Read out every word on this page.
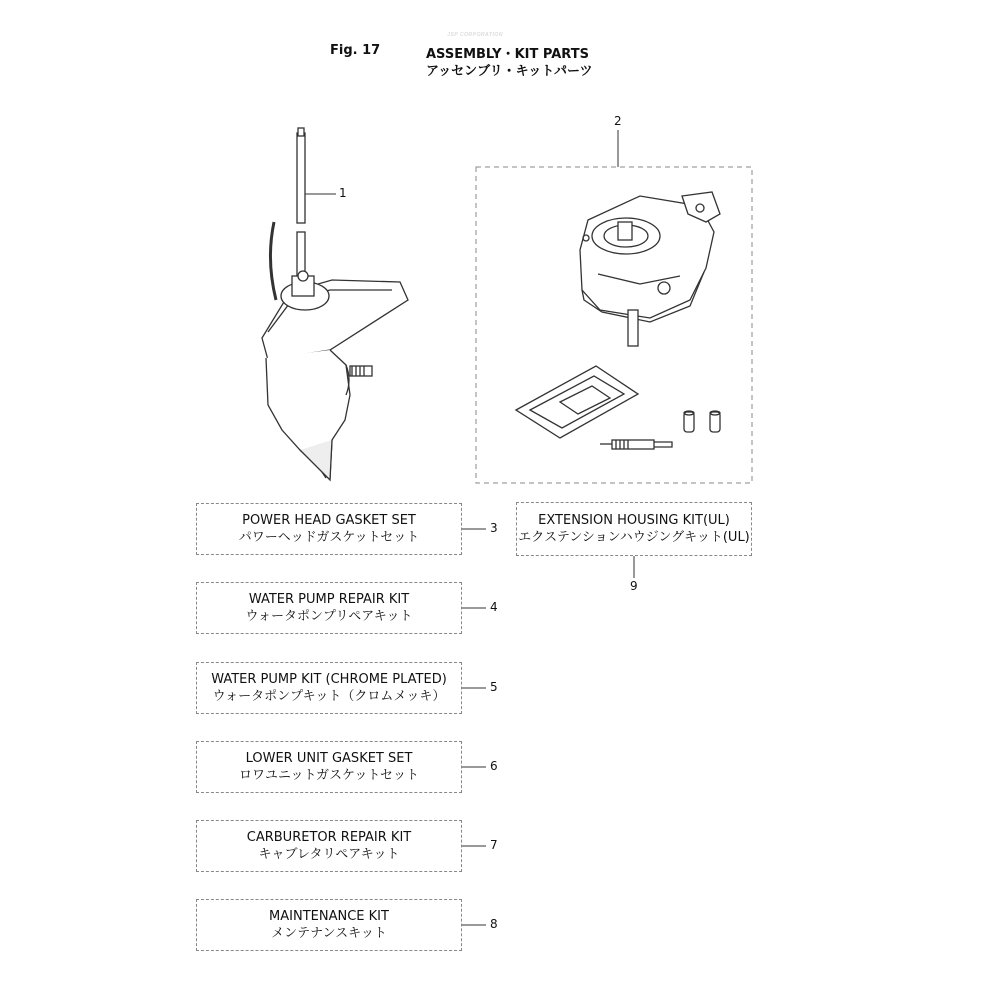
Fig. 17	ASSEMBLY・KIT PARTS
アッセンブリ・キットパーツ
JSP CORPORATION
1
2
3
4
5
6
7
8
9
POWER HEAD GASKET SET
パワーヘッドガスケットセット
WATER PUMP REPAIR KIT
ウォータポンプリペアキット
WATER PUMP KIT (CHROME PLATED)
ウォータポンプキット（クロムメッキ）
LOWER UNIT GASKET SET
ロワユニットガスケットセット
CARBURETOR REPAIR KIT
キャブレタリペアキット
MAINTENANCE KIT
メンテナンスキット
EXTENSION HOUSING KIT(UL)
エクステンションハウジングキット(UL)
